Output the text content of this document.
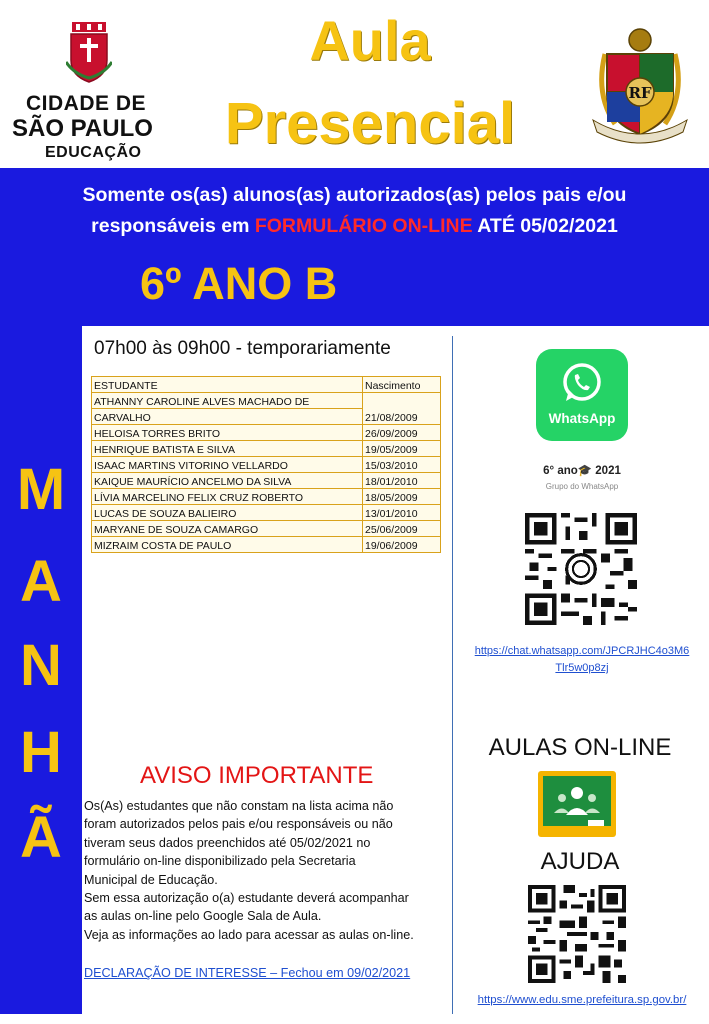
CIDADE DE
SÃO PAULO
EDUCAÇÃO
Aula
Presencial	RF
Somente os(as) alunos(as) autorizados(as) pelos pais e/ou
responsáveis em FORMULÁRIO ON-LINE ATÉ 05/02/2021
6º ANO B
M
A
N
H
Ã
07h00 às 09h00 - temporariamente
ESTUDANTE	Nascimento
ATHANNY CAROLINE ALVES MACHADO DE	
CARVALHO	21/08/2009
HELOISA TORRES BRITO	26/09/2009
HENRIQUE BATISTA E SILVA	19/05/2009
ISAAC MARTINS VITORINO VELLARDO	15/03/2010
KAIQUE MAURÍCIO ANCELMO DA SILVA	18/01/2010
LÍVIA MARCELINO FELIX CRUZ ROBERTO	18/05/2009
LUCAS DE SOUZA BALIEIRO	13/01/2010
MARYANE DE SOUZA CAMARGO	25/06/2009
MIZRAIM COSTA DE PAULO	19/06/2009
AVISO IMPORTANTE
Os(As) estudantes que não constam na lista acima não
foram autorizados pelos pais e/ou responsáveis ou não
tiveram seus dados preenchidos até 05/02/2021 no
formulário on-line disponibilizado pela Secretaria
Municipal de Educação.
Sem essa autorização o(a) estudante deverá acompanhar
as aulas on-line pelo Google Sala de Aula.
Veja as informações ao lado para acessar as aulas on-line.
DECLARAÇÃO DE INTERESSE – Fechou em 09/02/2021
WhatsApp
6° ano🎓 2021
Grupo do WhatsApp
https://chat.whatsapp.com/JPCRJHC4o3M6
Tlr5w0p8zj
AULAS ON-LINE
AJUDA
https://www.edu.sme.prefeitura.sp.gov.br/
